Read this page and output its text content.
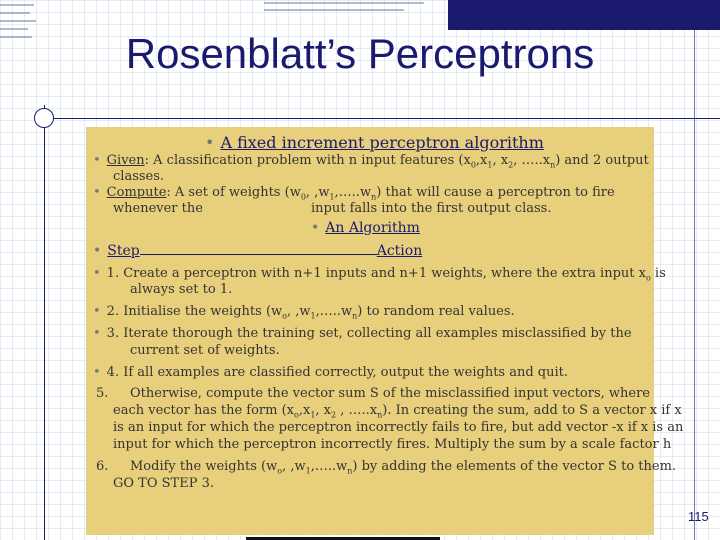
Rosenblatt’s Perceptrons
• A fixed increment perceptron algorithm
• Given: A classification problem with n input features ($x_0,x_1$, $x_2$, $\dots..x_n$) and 2 output
classes.
• Compute: A set of weights ($w_0$, $,w_1,\dots..w_n$) that will cause a perceptron to fire
whenever the	input falls into the first output class.
• An Algorithm
• Step	Action
• 1. Create a perceptron with n+1 inputs and n+1 weights, where the extra input $x_o$ is
always set to 1.
• 2. Initialise the weights ($w_o$, $,w_1,\dots..w_n$) to random real values.
• 3. Iterate thorough the training set, collecting all examples misclassified by the
current set of weights.
• 4. If all examples are classified correctly, output the weights and quit.
5. Otherwise, compute the vector sum S of the misclassified input vectors, where
each vector has the form ($x_o,x_1$, $x_2$ , $\dots..x_n$). In creating the sum, add to S a vector x if x
is an input for which the perceptron incorrectly fails to fire, but add vector -x if x is an
input for which the perceptron incorrectly fires. Multiply the sum by a scale factor h
6. Modify the weights ($w_o$, $,w_1,\dots..w_n$) by adding the elements of the vector S to them.
GO TO STEP 3.
115
